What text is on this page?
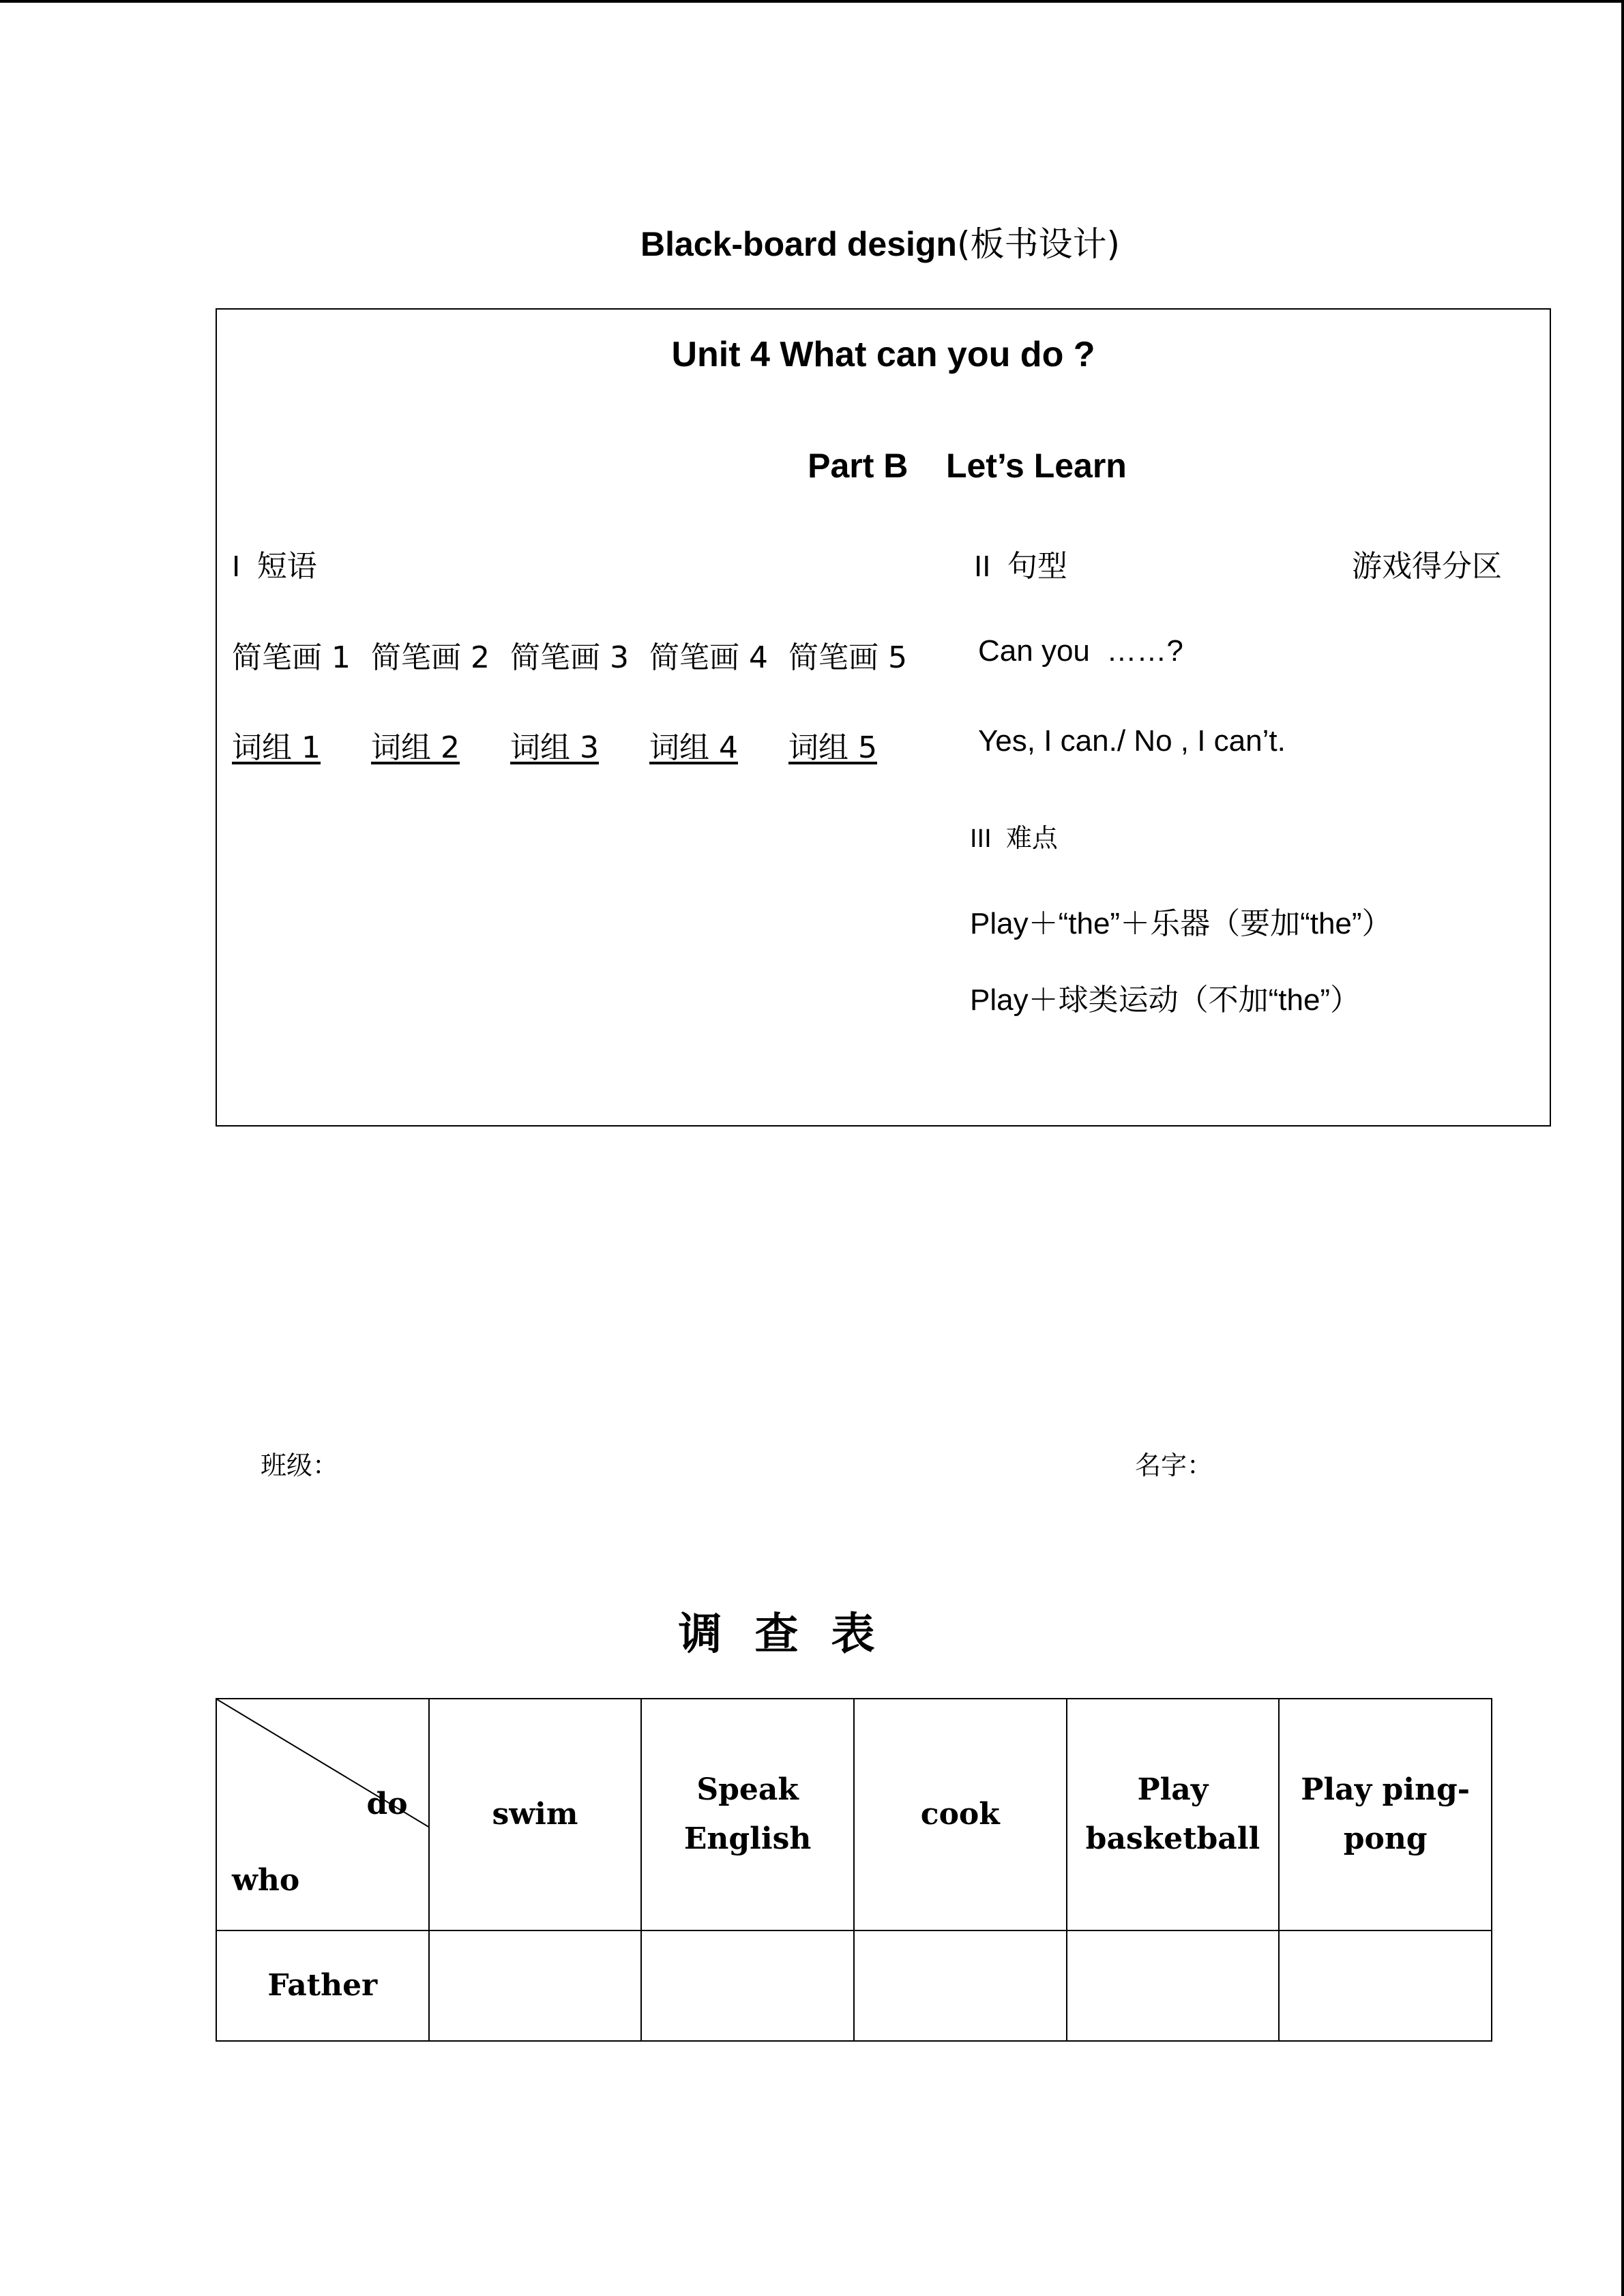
Black-board design(板书设计)
Unit 4 What can you do ?
Part B    Let’s Learn
I 短语
简笔画 1 简笔画 2 简笔画 3 简笔画 4 简笔画 5
词组 1 词组 2 词组 3 词组 4 词组 5
II 句型	游戏得分区
Can you  ……?
Yes, I can./ No , I can’t.
III 难点
Play＋“the”＋乐器（要加“the”）
Play＋球类运动（不加“the”）
班级：	名字：
调查表
do
who	swim	Speak English	cook	Play basketball	Play ping-pong
Father					
